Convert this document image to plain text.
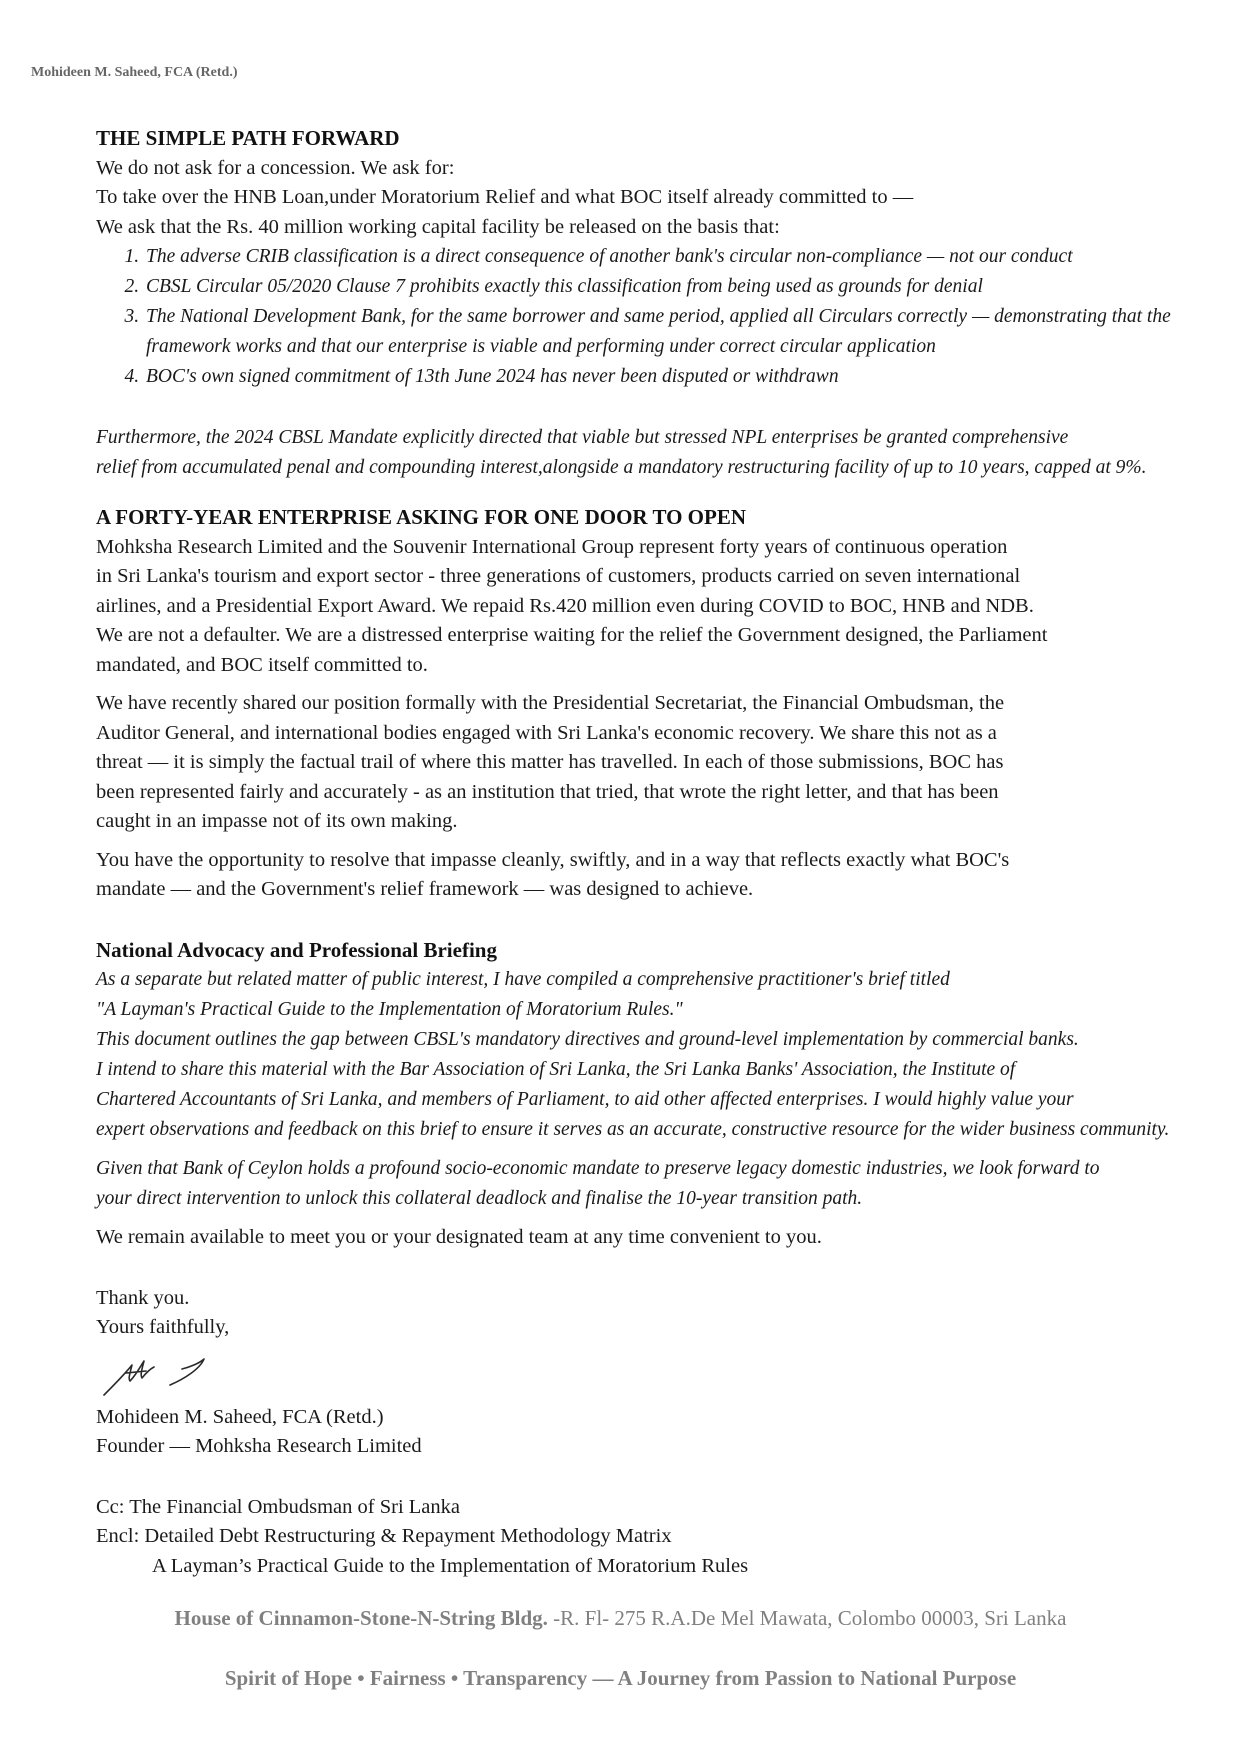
Mohideen M. Saheed, FCA (Retd.)
THE SIMPLE PATH FORWARD
We do not ask for a concession. We ask for:
To take over the HNB Loan,under Moratorium Relief and what BOC itself already committed to —
We ask that the Rs. 40 million working capital facility be released on the basis that:
1. The adverse CRIB classification is a direct consequence of another bank's circular non-compliance — not our conduct
2. CBSL Circular 05/2020 Clause 7 prohibits exactly this classification from being used as grounds for denial
3. The National Development Bank, for the same borrower and same period, applied all Circulars correctly — demonstrating that the framework works and that our enterprise is viable and performing under correct circular application
4. BOC's own signed commitment of 13th June 2024 has never been disputed or withdrawn
Furthermore, the 2024 CBSL Mandate explicitly directed that viable but stressed NPL enterprises be granted comprehensive
relief from accumulated penal and compounding interest,alongside a mandatory restructuring facility of up to 10 years, capped at 9%.
A FORTY-YEAR ENTERPRISE ASKING FOR ONE DOOR TO OPEN
Mohksha Research Limited and the Souvenir International Group represent forty years of continuous operation
in Sri Lanka's tourism and export sector - three generations of customers, products carried on seven international
airlines, and a Presidential Export Award. We repaid Rs.420 million even during COVID to BOC, HNB and NDB.
We are not a defaulter. We are a distressed enterprise waiting for the relief the Government designed, the Parliament
mandated, and BOC itself committed to.
We have recently shared our position formally with the Presidential Secretariat, the Financial Ombudsman, the
Auditor General, and international bodies engaged with Sri Lanka's economic recovery. We share this not as a
threat — it is simply the factual trail of where this matter has travelled. In each of those submissions, BOC has
been represented fairly and accurately - as an institution that tried, that wrote the right letter, and that has been
caught in an impasse not of its own making.
You have the opportunity to resolve that impasse cleanly, swiftly, and in a way that reflects exactly what BOC's
mandate — and the Government's relief framework — was designed to achieve.
National Advocacy and Professional Briefing
As a separate but related matter of public interest, I have compiled a comprehensive practitioner's brief titled
"A Layman's Practical Guide to the Implementation of Moratorium Rules."
This document outlines the gap between CBSL's mandatory directives and ground-level implementation by commercial banks.
I intend to share this material with the Bar Association of Sri Lanka, the Sri Lanka Banks' Association, the Institute of
Chartered Accountants of Sri Lanka, and members of Parliament, to aid other affected enterprises. I would highly value your
expert observations and feedback on this brief to ensure it serves as an accurate, constructive resource for the wider business community.
Given that Bank of Ceylon holds a profound socio-economic mandate to preserve legacy domestic industries, we look forward to
your direct intervention to unlock this collateral deadlock and finalise the 10-year transition path.
We remain available to meet you or your designated team at any time convenient to you.
Thank you.
Yours faithfully,
Mohideen M. Saheed, FCA (Retd.)
Founder — Mohksha Research Limited
Cc: The Financial Ombudsman of Sri Lanka
Encl: Detailed Debt Restructuring & Repayment Methodology Matrix
A Layman’s Practical Guide to the Implementation of Moratorium Rules
House of Cinnamon-Stone-N-String Bldg. -R. Fl- 275 R.A.De Mel Mawata, Colombo 00003, Sri Lanka
Spirit of Hope • Fairness • Transparency — A Journey from Passion to National Purpose
